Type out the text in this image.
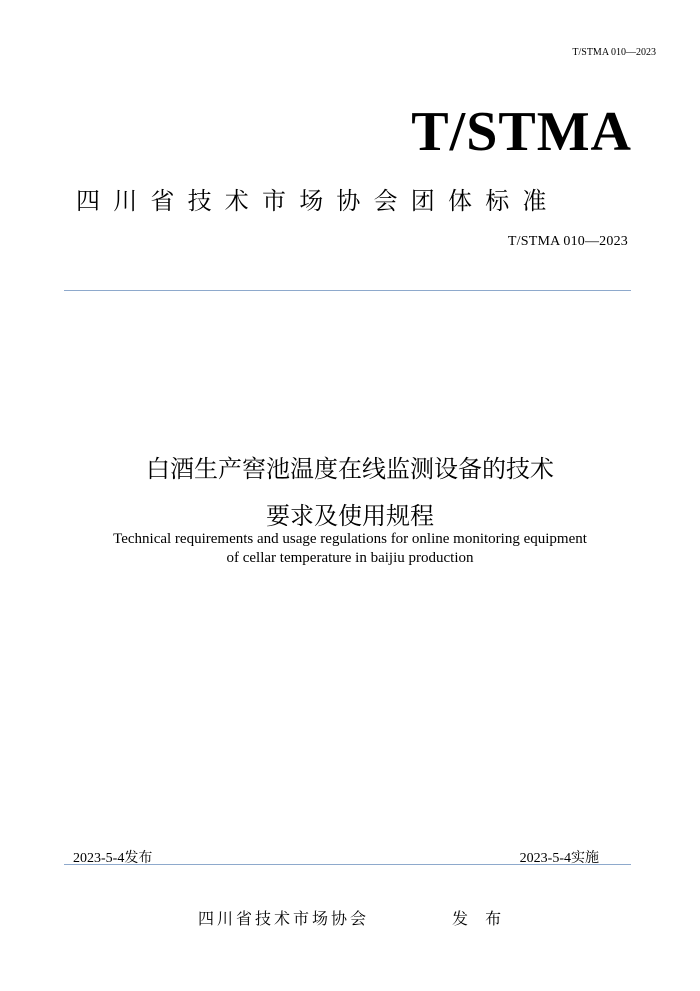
T/STMA 010—2023
T/STMA
四川省技术市场协会团体标准
T/STMA 010—2023
白酒生产窖池温度在线监测设备的技术
要求及使用规程
Technical requirements and usage regulations for online monitoring equipment
of cellar temperature in baijiu production
2023-5-4发布	2023-5-4实施
四川省技术市场协会	发 布
